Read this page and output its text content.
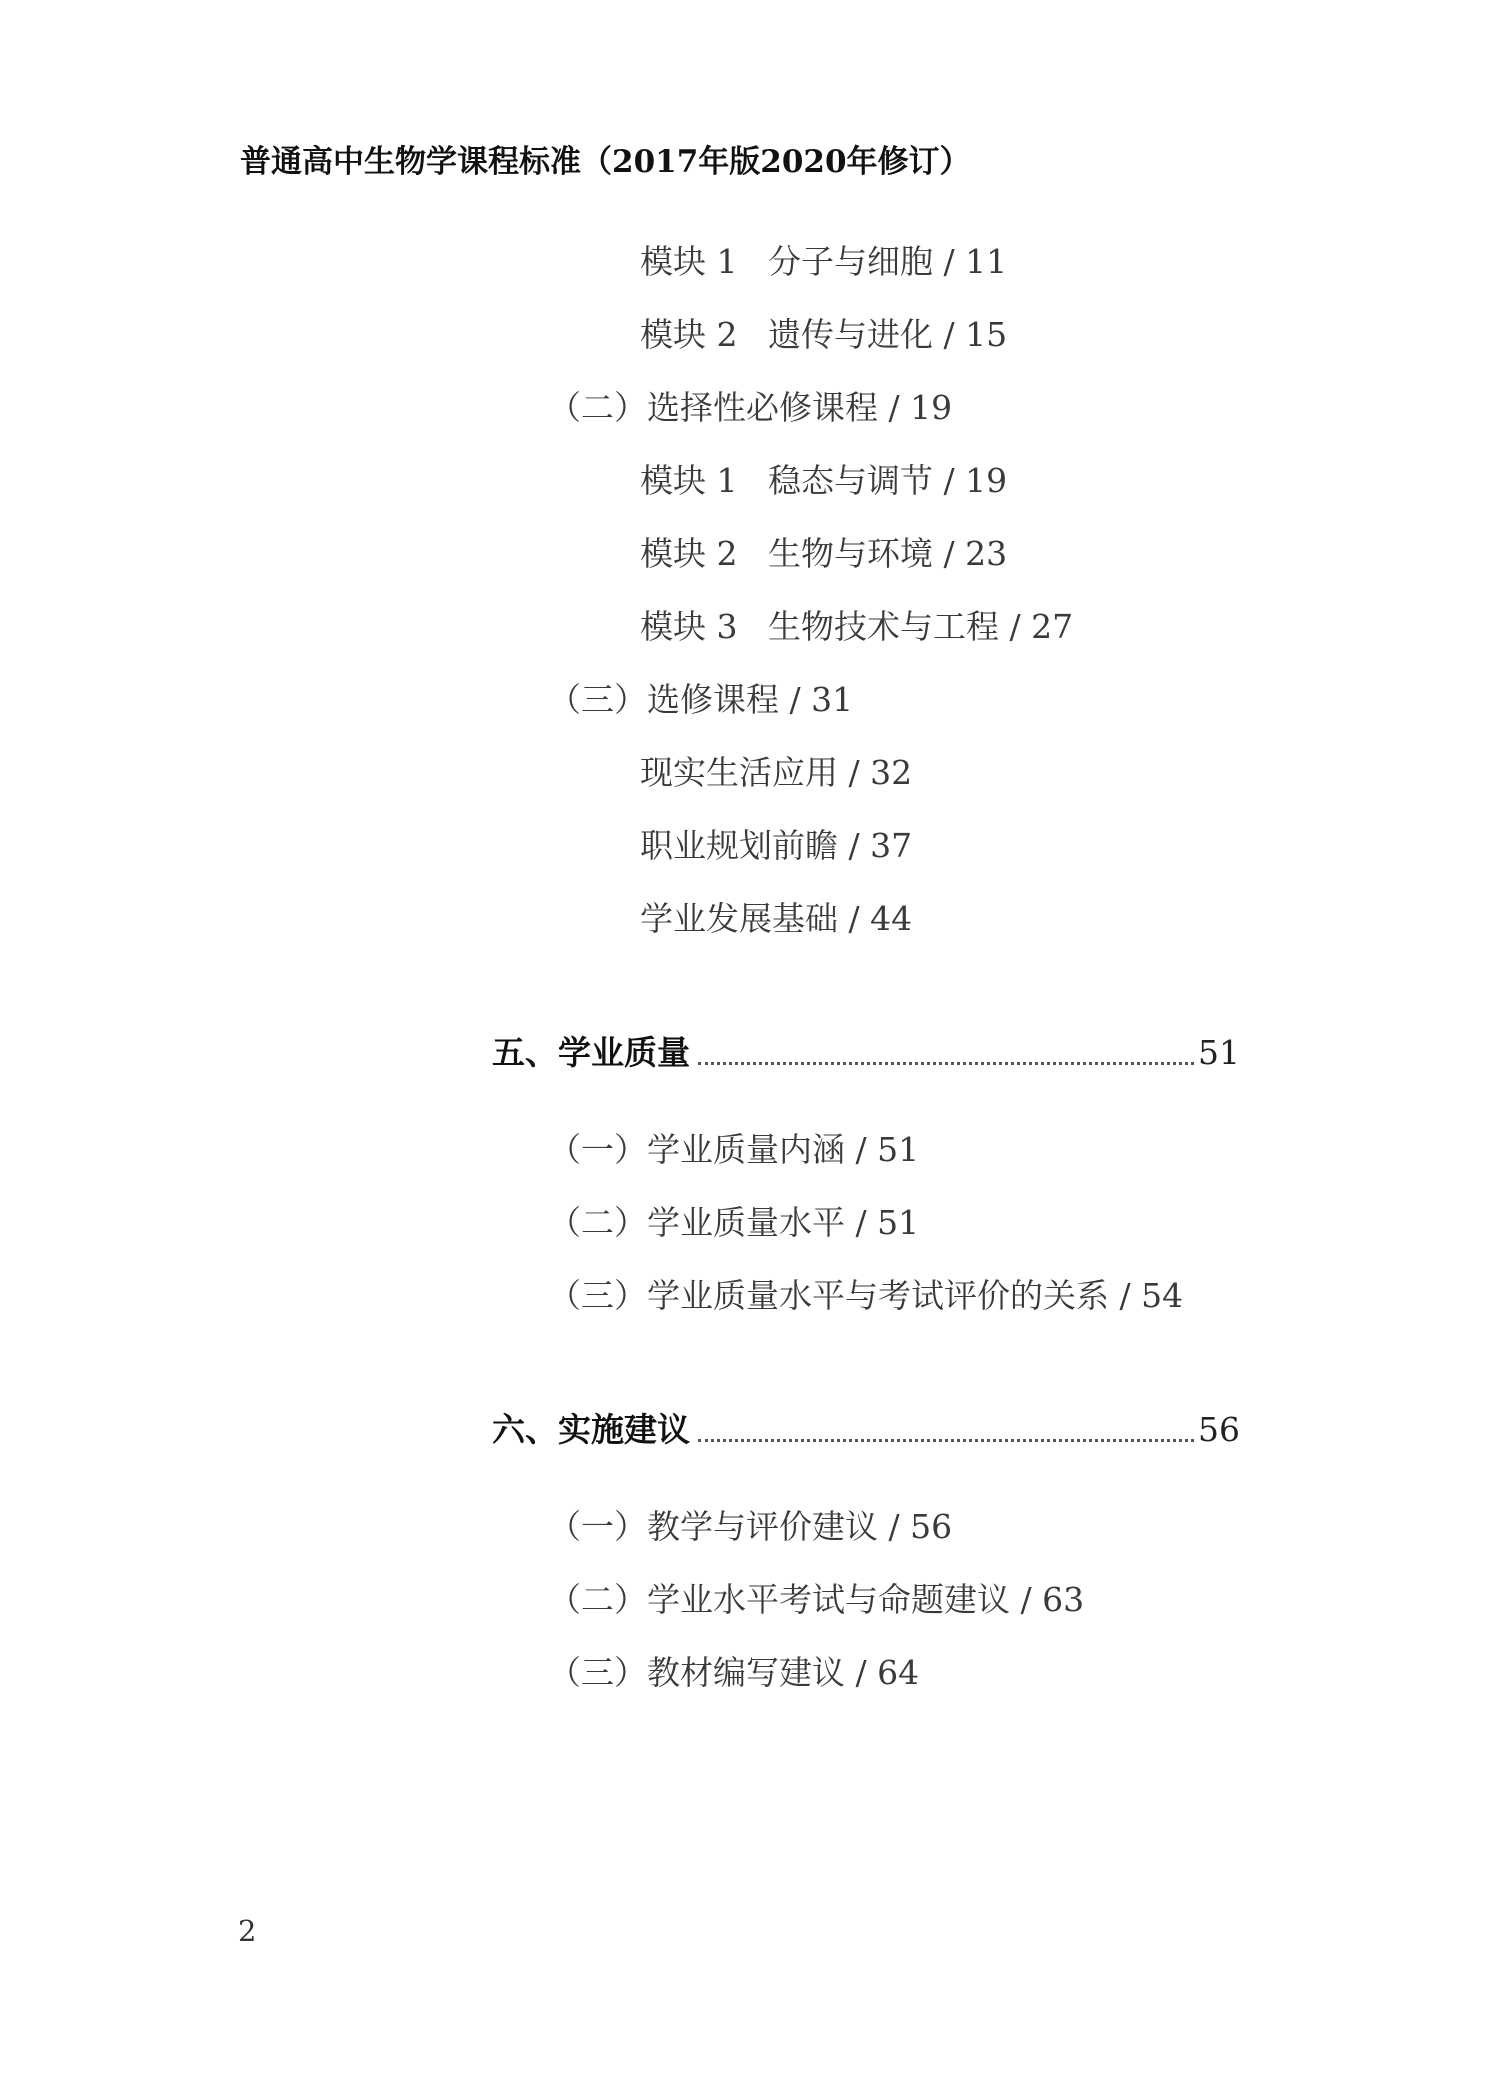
普通高中生物学课程标准（2017年版2020年修订）
模块 1 分子与细胞 ∕ 11
模块 2 遗传与进化 ∕ 15
（二）选择性必修课程 ∕ 19
模块 1 稳态与调节 ∕ 19
模块 2 生物与环境 ∕ 23
模块 3 生物技术与工程 ∕ 27
（三）选修课程 ∕ 31
现实生活应用 ∕ 32
职业规划前瞻 ∕ 37
学业发展基础 ∕ 44
五、学业质量	51
（一）学业质量内涵 ∕ 51
（二）学业质量水平 ∕ 51
（三）学业质量水平与考试评价的关系 ∕ 54
六、实施建议	56
（一）教学与评价建议 ∕ 56
（二）学业水平考试与命题建议 ∕ 63
（三）教材编写建议 ∕ 64
2
